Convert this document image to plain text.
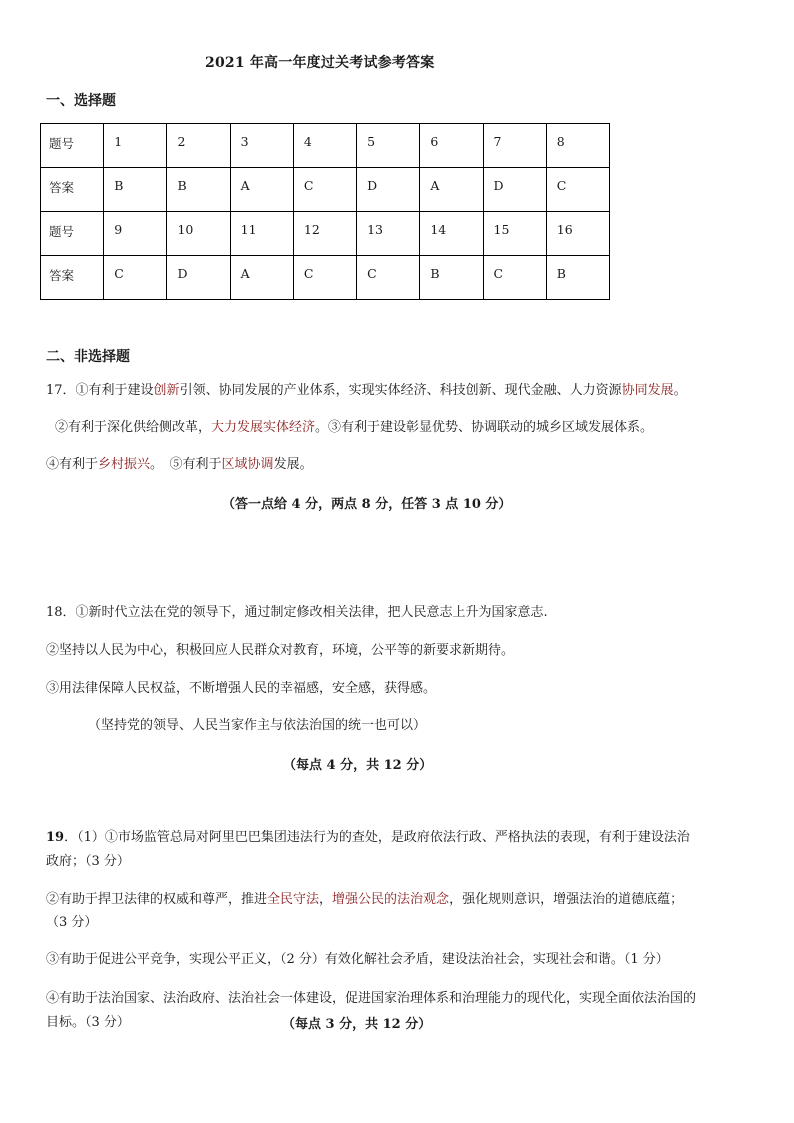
2021 年高一年度过关考试参考答案
一、选择题
题号	1	2	3	4	5	6	7	8
答案	B	B	A	C	D	A	D	C
题号	9	10	11	12	13	14	15	16
答案	C	D	A	C	C	B	C	B
二、非选择题
17．①有利于建设创新引领、协同发展的产业体系，实现实体经济、科技创新、现代金融、人力资源协同发展。
②有利于深化供给侧改革，大力发展实体经济。③有利于建设彰显优势、协调联动的城乡区域发展体系。
④有利于乡村振兴。　⑤有利于区域协调发展。
（答一点给 4 分，两点 8 分，任答 3 点 10 分）
18．①新时代立法在党的领导下，通过制定修改相关法律，把人民意志上升为国家意志.
②坚持以人民为中心，积极回应人民群众对教育，环境，公平等的新要求新期待。
③用法律保障人民权益，不断增强人民的幸福感，安全感，获得感。
（坚持党的领导、人民当家作主与依法治国的统一也可以）
（每点 4 分，共 12 分）
19．（1）①市场监管总局对阿里巴巴集团违法行为的查处，是政府依法行政、严格执法的表现，有利于建设法治
政府；（3 分）
②有助于捍卫法律的权威和尊严，推进全民守法，增强公民的法治观念，强化规则意识，增强法治的道德底蕴；
（3 分）
③有助于促进公平竞争，实现公平正义，（2 分）有效化解社会矛盾，建设法治社会，实现社会和谐。（1 分）
④有助于法治国家、法治政府、法治社会一体建设，促进国家治理体系和治理能力的现代化，实现全面依法治国的
目标。（3 分）	（每点 3 分，共 12 分）
